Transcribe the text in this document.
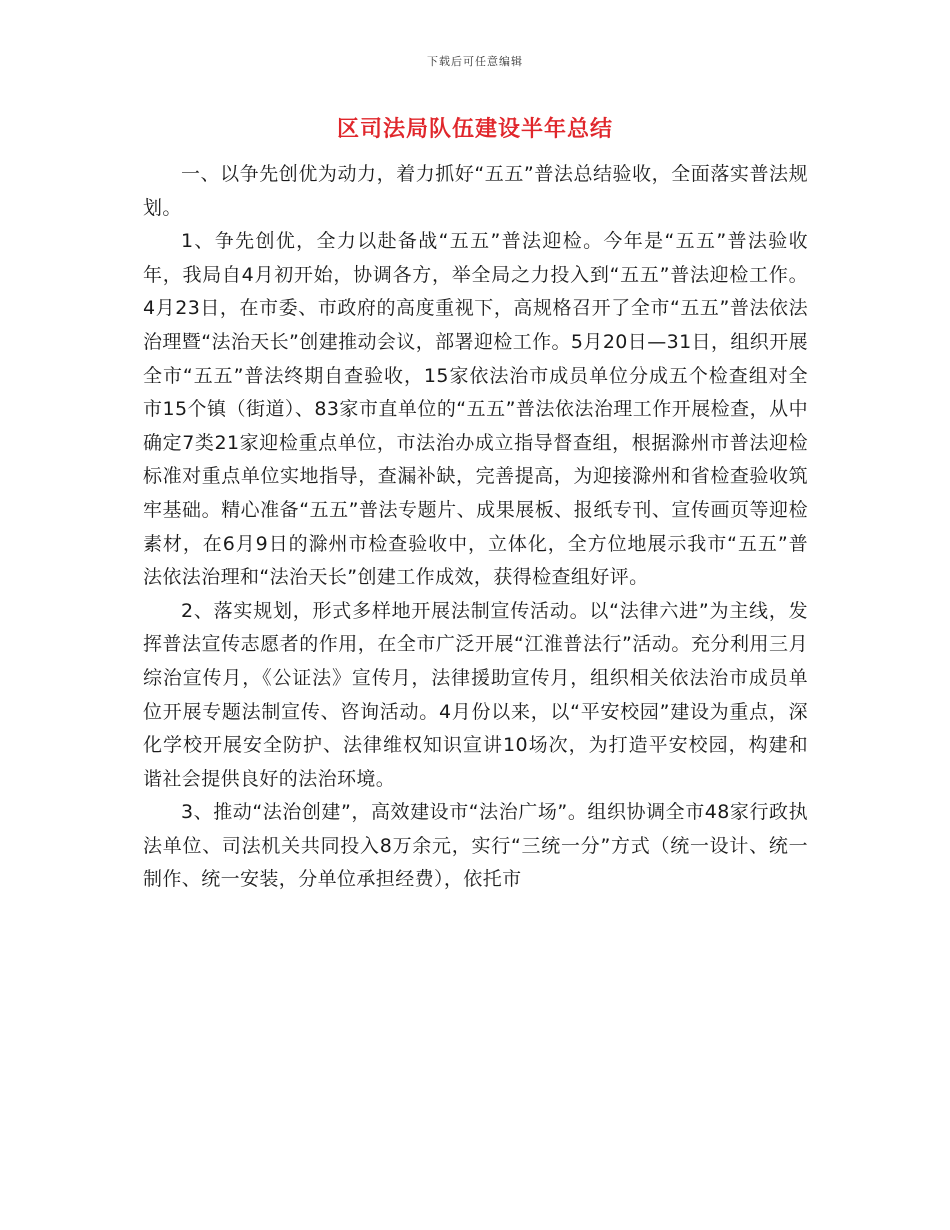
下载后可任意编辑
区司法局队伍建设半年总结

一、以争先创优为动力，着力抓好“五五”普法总结验收，全面落实普法规划。

1、争先创优，全力以赴备战“五五”普法迎检。今年是“五五”普法验收年，我局自4月初开始，协调各方，举全局之力投入到“五五”普法迎检工作。4月23日，在市委、市政府的高度重视下，高规格召开了全市“五五”普法依法治理暨“法治天长”创建推动会议，部署迎检工作。5月20日—31日，组织开展全市“五五”普法终期自查验收，15家依法治市成员单位分成五个检查组对全市15个镇（街道）、83家市直单位的“五五”普法依法治理工作开展检查，从中确定7类21家迎检重点单位，市法治办成立指导督查组，根据滁州市普法迎检标准对重点单位实地指导，查漏补缺，完善提高，为迎接滁州和省检查验收筑牢基础。精心准备“五五”普法专题片、成果展板、报纸专刊、宣传画页等迎检素材，在6月9日的滁州市检查验收中，立体化，全方位地展示我市“五五”普法依法治理和“法治天长”创建工作成效，获得检查组好评。

2、落实规划，形式多样地开展法制宣传活动。以“法律六进”为主线，发挥普法宣传志愿者的作用，在全市广泛开展“江淮普法行”活动。充分利用三月综治宣传月，《公证法》宣传月，法律援助宣传月，组织相关依法治市成员单位开展专题法制宣传、咨询活动。4月份以来，以“平安校园”建设为重点，深化学校开展安全防护、法律维权知识宣讲10场次，为打造平安校园，构建和谐社会提供良好的法治环境。

3、推动“法治创建”，高效建设市“法治广场”。组织协调全市48家行政执法单位、司法机关共同投入8万余元，实行“三统一分”方式（统一设计、统一制作、统一安装，分单位承担经费），依托市
